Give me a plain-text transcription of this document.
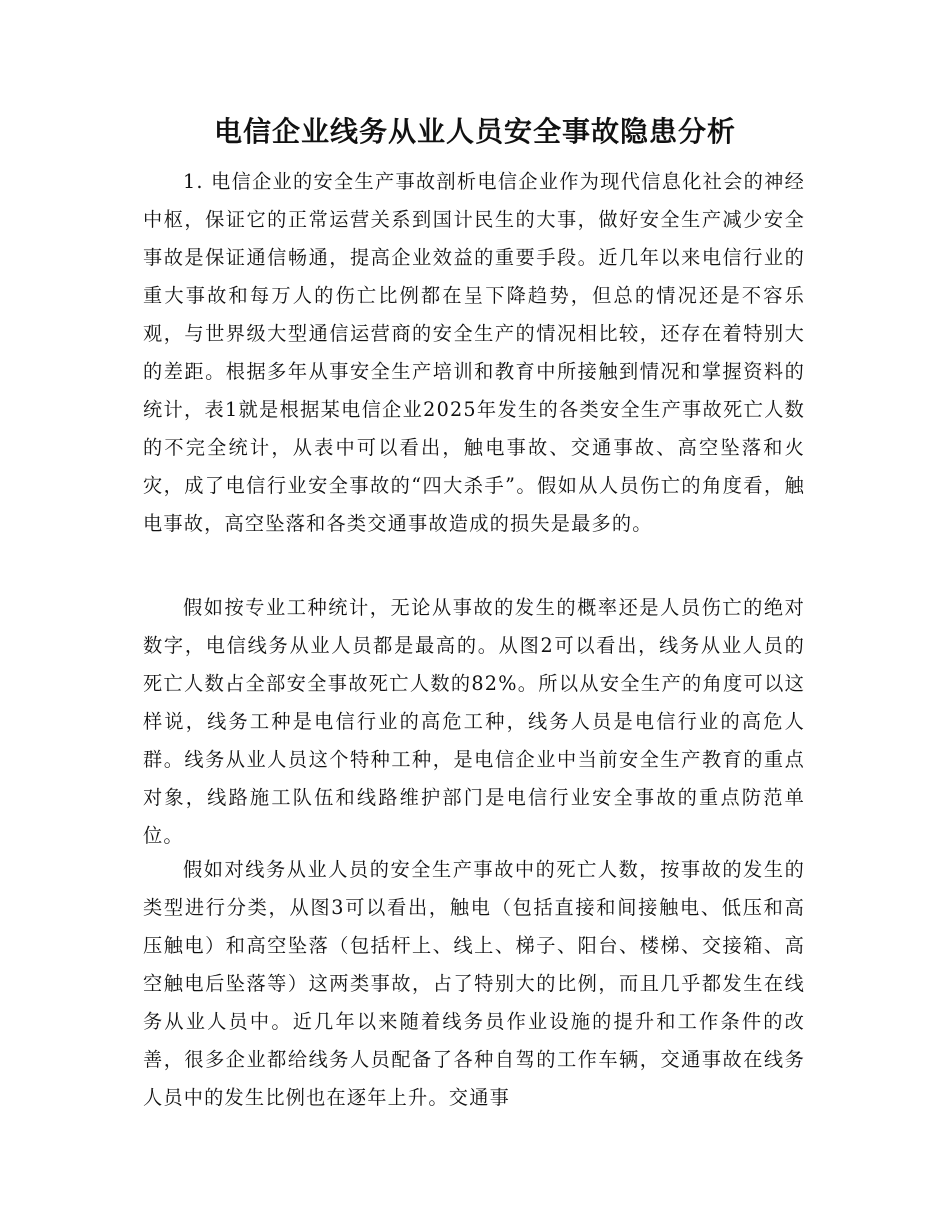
电信企业线务从业人员安全事故隐患分析

1. 电信企业的安全生产事故剖析电信企业作为现代信息化社会的神经中枢，保证它的正常运营关系到国计民生的大事，做好安全生产减少安全事故是保证通信畅通，提高企业效益的重要手段。近几年以来电信行业的重大事故和每万人的伤亡比例都在呈下降趋势，但总的情况还是不容乐观，与世界级大型通信运营商的安全生产的情况相比较，还存在着特别大的差距。根据多年从事安全生产培训和教育中所接触到情况和掌握资料的统计，表1就是根据某电信企业2025年发生的各类安全生产事故死亡人数的不完全统计，从表中可以看出，触电事故、交通事故、高空坠落和火灾，成了电信行业安全事故的“四大杀手”。假如从人员伤亡的角度看，触电事故，高空坠落和各类交通事故造成的损失是最多的。

假如按专业工种统计，无论从事故的发生的概率还是人员伤亡的绝对数字，电信线务从业人员都是最高的。从图2可以看出，线务从业人员的死亡人数占全部安全事故死亡人数的82%。所以从安全生产的角度可以这样说，线务工种是电信行业的高危工种，线务人员是电信行业的高危人群。线务从业人员这个特种工种，是电信企业中当前安全生产教育的重点对象，线路施工队伍和线路维护部门是电信行业安全事故的重点防范单位。

假如对线务从业人员的安全生产事故中的死亡人数，按事故的发生的类型进行分类，从图3可以看出，触电（包括直接和间接触电、低压和高压触电）和高空坠落（包括杆上、线上、梯子、阳台、楼梯、交接箱、高空触电后坠落等）这两类事故，占了特别大的比例，而且几乎都发生在线务从业人员中。近几年以来随着线务员作业设施的提升和工作条件的改善，很多企业都给线务人员配备了各种自驾的工作车辆，交通事故在线务人员中的发生比例也在逐年上升。交通事
